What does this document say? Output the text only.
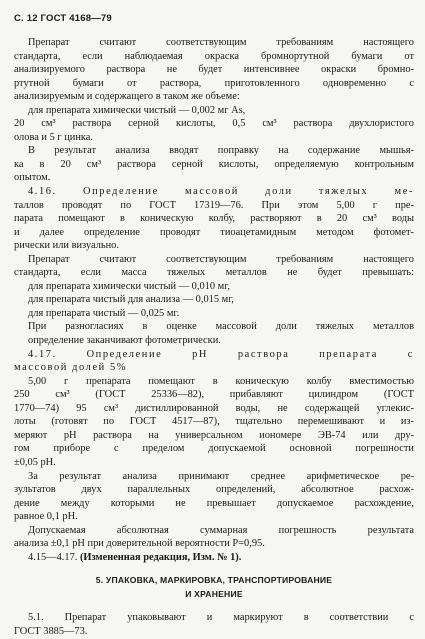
С. 12 ГОСТ 4168—79
Препарат считают соответствующим требованиям настоящего
стандарта, если наблюдаемая окраска бромнортутной бумаги от
анализируемого раствора не будет интенсивнее окраски бромно-
ртутной бумаги от раствора, приготовленного одновременно с
анализируемым и содержащего в таком же объеме:
для препарата химически чистый — 0,002 мг As,
20 см³ раствора серной кислоты, 0,5 см³ раствора двухлористого
олова и 5 г цинка.
В результат анализа вводят поправку на содержание мышья-
ка в 20 см³ раствора серной кислоты, определяемую контрольным
опытом.
4.16. Определение массовой доли тяжелых ме-
таллов проводят по ГОСТ 17319—76. При этом 5,00 г пре-
парата помещают в коническую колбу, растворяют в 20 см³ воды
и далее определение проводят тиоацетамидным методом фотомет-
рически или визуально.
Препарат считают соответствующим требованиям настоящего
стандарта, если масса тяжелых металлов не будет превышать:
для препарата химически чистый — 0,010 мг,
для препарата чистый для анализа — 0,015 мг,
для препарата чистый — 0,025 мг.
При разногласиях в оценке массовой доли тяжелых металлов
определение заканчивают фотометрически.
4.17. Определение pH раствора препарата с
массовой долей 5%
5,00 г препарата помещают в коническую колбу вместимостью
250 см³ (ГОСТ 25336—82), прибавляют цилиндром (ГОСТ
1770—74) 95 см³ дистиллированной воды, не содержащей углекис-
лоты (готовят по ГОСТ 4517—87), тщательно перемешивают и из-
меряют pH раствора на универсальном иономере ЭВ-74 или дру-
гом приборе с пределом допускаемой основной погрешности
±0,05 pH.
За результат анализа принимают среднее арифметическое ре-
зультатов двух параллельных определений, абсолютное расхож-
дение между которыми не превышает допускаемое расхождение,
равное 0,1 pH.
Допускаемая абсолютная суммарная погрешность результата
анализа ±0,1 pH при доверительной вероятности P=0,95.
4.15—4.17. (Измененная редакция, Изм. № 1).
5. УПАКОВКА, МАРКИРОВКА, ТРАНСПОРТИРОВАНИЕ
И ХРАНЕНИЕ
5.1. Препарат упаковывают и маркируют в соответствии с
ГОСТ 3885—73.
